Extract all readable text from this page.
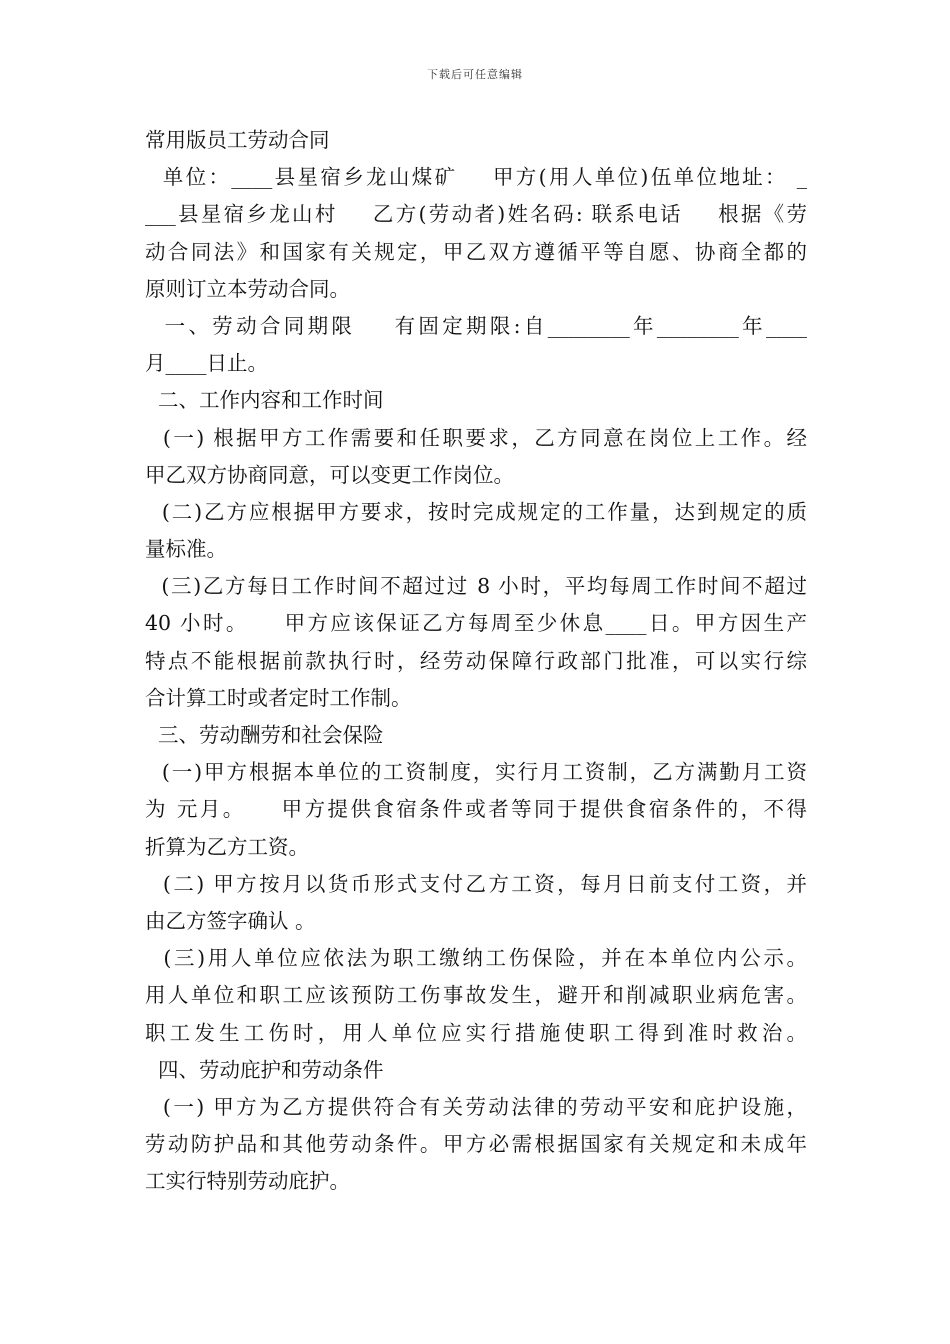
下载后可任意编辑
常用版员工劳动合同
单位：____县星宿乡龙山煤矿    甲方(用人单位)伍单位地址： _
___县星宿乡龙山村    乙方(劳动者)姓名码: 联系电话    根据《劳
动合同法》和国家有关规定，甲乙双方遵循平等自愿、协商全都的
原则订立本劳动合同。
一、劳动合同期限    有固定期限:自________年________年____
月____日止。
二、工作内容和工作时间
(一) 根据甲方工作需要和任职要求，乙方同意在岗位上工作。经
甲乙双方协商同意，可以变更工作岗位。
(二)乙方应根据甲方要求，按时完成规定的工作量，达到规定的质
量标准。
(三)乙方每日工作时间不超过过 8 小时，平均每周工作时间不超过
40 小时。    甲方应该保证乙方每周至少休息____日。甲方因生产
特点不能根据前款执行时，经劳动保障行政部门批准，可以实行综
合计算工时或者定时工作制。
三、劳动酬劳和社会保险
(一)甲方根据本单位的工资制度，实行月工资制，乙方满勤月工资
为 元月。    甲方提供食宿条件或者等同于提供食宿条件的，不得
折算为乙方工资。
(二) 甲方按月以货币形式支付乙方工资，每月日前支付工资，并
由乙方签字确认 。
(三)用人单位应依法为职工缴纳工伤保险，并在本单位内公示。
用人单位和职工应该预防工伤事故发生，避开和削减职业病危害。
职工发生工伤时，用人单位应实行措施使职工得到准时救治。
四、劳动庇护和劳动条件
(一) 甲方为乙方提供符合有关劳动法律的劳动平安和庇护设施，
劳动防护品和其他劳动条件。甲方必需根据国家有关规定和未成年
工实行特别劳动庇护。
